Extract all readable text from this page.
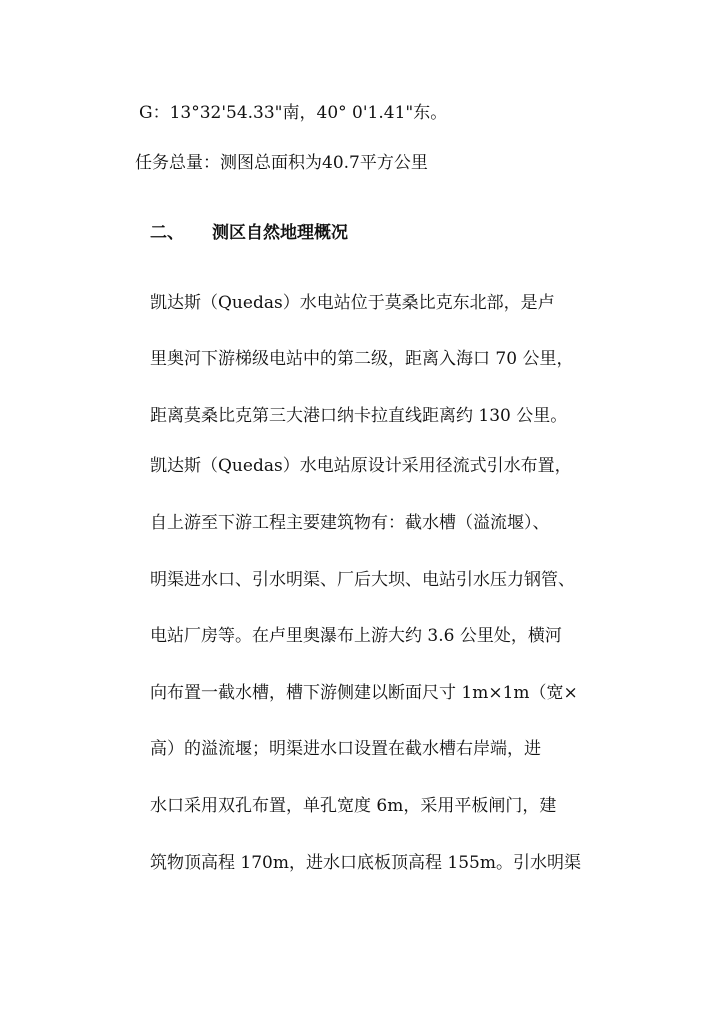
G：13°32'54.33"南，40° 0'1.41"东。
任务总量：测图总面积为40.7平方公里
二、 测区自然地理概况
凯达斯（Quedas）水电站位于莫桑比克东北部，是卢
里奥河下游梯级电站中的第二级，距离入海口 70 公里，
距离莫桑比克第三大港口纳卡拉直线距离约 130 公里。
凯达斯（Quedas）水电站原设计采用径流式引水布置，
自上游至下游工程主要建筑物有：截水槽（溢流堰）、
明渠进水口、引水明渠、厂后大坝、电站引水压力钢管、
电站厂房等。在卢里奥瀑布上游大约 3.6 公里处，横河
向布置一截水槽，槽下游侧建以断面尺寸 1m×1m（宽×
高）的溢流堰；明渠进水口设置在截水槽右岸端，进
水口采用双孔布置，单孔宽度 6m，采用平板闸门，建
筑物顶高程 170m，进水口底板顶高程 155m。引水明渠
